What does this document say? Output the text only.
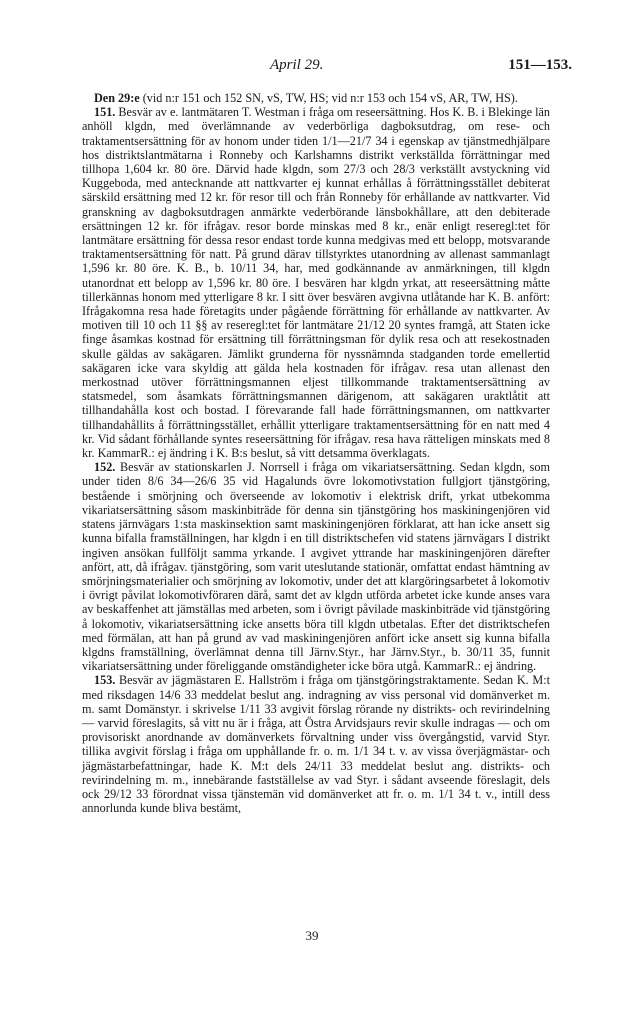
April 29.	151—153.

Den 29:e (vid n:r 151 och 152 SN, vS, TW, HS; vid n:r 153 och 154 vS, AR, TW, HS).

151. Besvär av e. lantmätaren T. Westman i fråga om reseersättning. Hos K. B. i Blekinge län anhöll klgdn, med överlämnande av vederbörliga dagboksutdrag, om rese- och traktamentsersättning för av honom under tiden 1/1—21/7 34 i egenskap av tjänstmedhjälpare hos distriktslantmätarna i Ronneby och Karlshamns distrikt verkställda förrättningar med tillhopa 1,604 kr. 80 öre. Därvid hade klgdn, som 27/3 och 28/3 verkställt avstyckning vid Kuggeboda, med antecknande att nattkvarter ej kunnat erhållas å förrättningsstället debiterat särskild ersättning med 12 kr. för resor till och från Ronneby för erhållande av nattkvarter. Vid granskning av dagboksutdragen anmärkte vederbörande länsbokhållare, att den debiterade ersättningen 12 kr. för ifrågav. resor borde minskas med 8 kr., enär enligt reseregl:tet för lantmätare ersättning för dessa resor endast torde kunna medgivas med ett belopp, motsvarande traktamentsersättning för natt. På grund därav tillstyrktes utanordning av allenast sammanlagt 1,596 kr. 80 öre. K. B., b. 10/11 34, har, med godkännande av anmärkningen, till klgdn utanordnat ett belopp av 1,596 kr. 80 öre. I besvären har klgdn yrkat, att reseersättning måtte tillerkännas honom med ytterligare 8 kr. I sitt över besvären avgivna utlåtande har K. B. anfört: Ifrågakomna resa hade företagits under pågående förrättning för erhållande av nattkvarter. Av motiven till 10 och 11 §§ av reseregl:tet för lantmätare 21/12 20 syntes framgå, att Staten icke finge åsamkas kostnad för ersättning till förrättningsman för dylik resa och att resekostnaden skulle gäldas av sakägaren. Jämlikt grunderna för nyssnämnda stadganden torde emellertid sakägaren icke vara skyldig att gälda hela kostnaden för ifrågav. resa utan allenast den merkostnad utöver förrättningsmannen eljest tillkommande traktamentsersättning av statsmedel, som åsamkats förrättningsmannen därigenom, att sakägaren uraktlåtit att tillhandahålla kost och bostad. I förevarande fall hade förrättningsmannen, om nattkvarter tillhandahållits å förrättningsstället, erhållit ytterligare traktamentsersättning för en natt med 4 kr. Vid sådant förhållande syntes reseersättning för ifrågav. resa hava rätteligen minskats med 8 kr. KammarR.: ej ändring i K. B:s beslut, så vitt detsamma överklagats.

152. Besvär av stationskarlen J. Norrsell i fråga om vikariatsersättning. Sedan klgdn, som under tiden 8/6 34—26/6 35 vid Hagalunds övre lokomotivstation fullgjort tjänstgöring, bestående i smörjning och överseende av lokomotiv i elektrisk drift, yrkat utbekomma vikariatsersättning såsom maskinbiträde för denna sin tjänstgöring hos maskiningenjören vid statens järnvägars 1:sta maskinsektion samt maskiningenjören förklarat, att han icke ansett sig kunna bifalla framställningen, har klgdn i en till distriktschefen vid statens järnvägars I distrikt ingiven ansökan fullföljt samma yrkande. I avgivet yttrande har maskiningenjören därefter anfört, att, då ifrågav. tjänstgöring, som varit uteslutande stationär, omfattat endast hämtning av smörjningsmaterialier och smörjning av lokomotiv, under det att klargöringsarbetet å lokomotiv i övrigt påvilat lokomotivföraren därå, samt det av klgdn utförda arbetet icke kunde anses vara av beskaffenhet att jämställas med arbeten, som i övrigt påvilade maskinbiträde vid tjänstgöring å lokomotiv, vikariatsersättning icke ansetts böra till klgdn utbetalas. Efter det distriktschefen med förmälan, att han på grund av vad maskiningenjören anfört icke ansett sig kunna bifalla klgdns framställning, överlämnat denna till Järnv.Styr., har Järnv.Styr., b. 30/11 35, funnit vikariatsersättning under föreliggande omständigheter icke böra utgå. KammarR.: ej ändring.

153. Besvär av jägmästaren E. Hallström i fråga om tjänstgöringstraktamente. Sedan K. M:t med riksdagen 14/6 33 meddelat beslut ang. indragning av viss personal vid domänverket m. m. samt Domänstyr. i skrivelse 1/11 33 avgivit förslag rörande ny distrikts- och revirindelning — varvid föreslagits, så vitt nu är i fråga, att Östra Arvidsjaurs revir skulle indragas — och om provisoriskt anordnande av domänverkets förvaltning under viss övergångstid, varvid Styr. tillika avgivit förslag i fråga om upphållande fr. o. m. 1/1 34 t. v. av vissa överjägmästar- och jägmästarbefattningar, hade K. M:t dels 24/11 33 meddelat beslut ang. distrikts- och revirindelning m. m., innebärande fastställelse av vad Styr. i sådant avseende föreslagit, dels ock 29/12 33 förordnat vissa tjänstemän vid domänverket att fr. o. m. 1/1 34 t. v., intill dess annorlunda kunde bliva bestämt,

39
